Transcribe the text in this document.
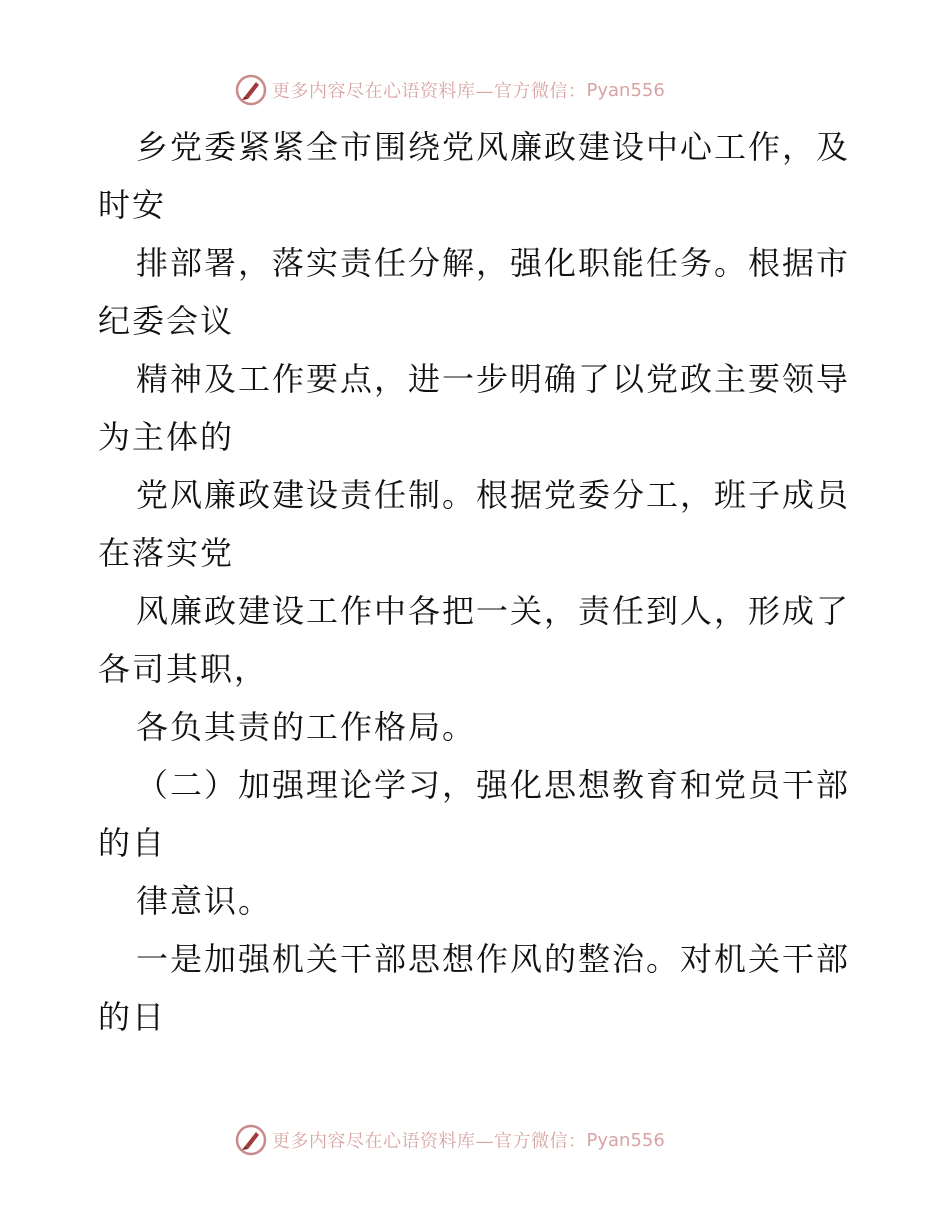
更多内容尽在心语资料库—官方微信： Pyan556
乡党委紧紧全市围绕党风廉政建设中心工作，及
时安
排部署，落实责任分解，强化职能任务。根据市
纪委会议
精神及工作要点，进一步明确了以党政主要领导
为主体的
党风廉政建设责任制。根据党委分工，班子成员
在落实党
风廉政建设工作中各把一关，责任到人，形成了
各司其职，
各负其责的工作格局。
（二）加强理论学习，强化思想教育和党员干部
的自
律意识。
一是加强机关干部思想作风的整治。对机关干部
的日
更多内容尽在心语资料库—官方微信： Pyan556
